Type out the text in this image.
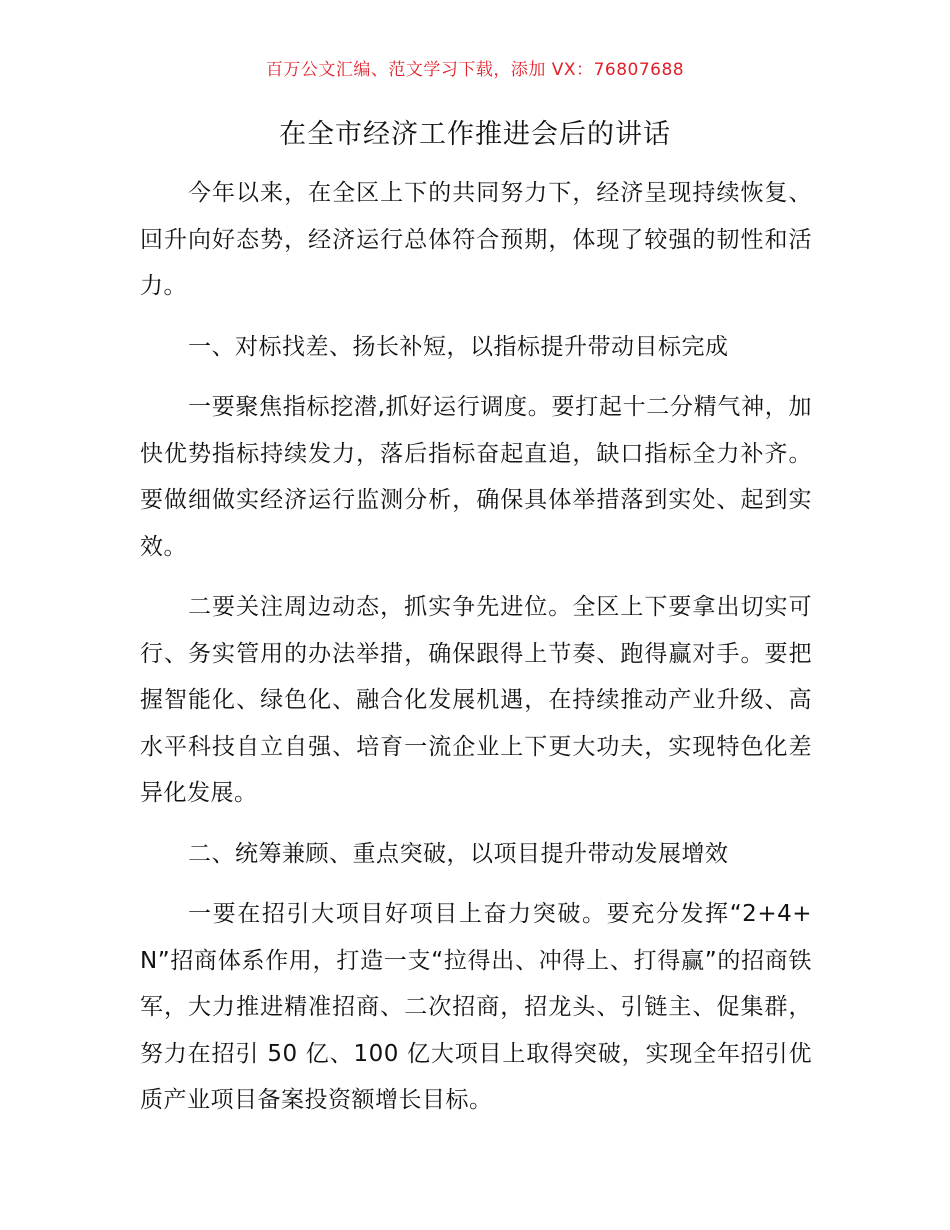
百万公文汇编、范文学习下载，添加 VX：76807688
在全市经济工作推进会后的讲话

今年以来，在全区上下的共同努力下，经济呈现持续恢复、回升向好态势，经济运行总体符合预期，体现了较强的韧性和活力。

一、对标找差、扬长补短，以指标提升带动目标完成

一要聚焦指标挖潜,抓好运行调度。要打起十二分精气神，加快优势指标持续发力，落后指标奋起直追，缺口指标全力补齐。要做细做实经济运行监测分析，确保具体举措落到实处、起到实效。

二要关注周边动态，抓实争先进位。全区上下要拿出切实可行、务实管用的办法举措，确保跟得上节奏、跑得赢对手。要把握智能化、绿色化、融合化发展机遇，在持续推动产业升级、高水平科技自立自强、培育一流企业上下更大功夫，实现特色化差异化发展。

二、统筹兼顾、重点突破，以项目提升带动发展增效

一要在招引大项目好项目上奋力突破。要充分发挥“2+4+N”招商体系作用，打造一支“拉得出、冲得上、打得赢”的招商铁军，大力推进精准招商、二次招商，招龙头、引链主、促集群，努力在招引 50 亿、100 亿大项目上取得突破，实现全年招引优质产业项目备案投资额增长目标。
